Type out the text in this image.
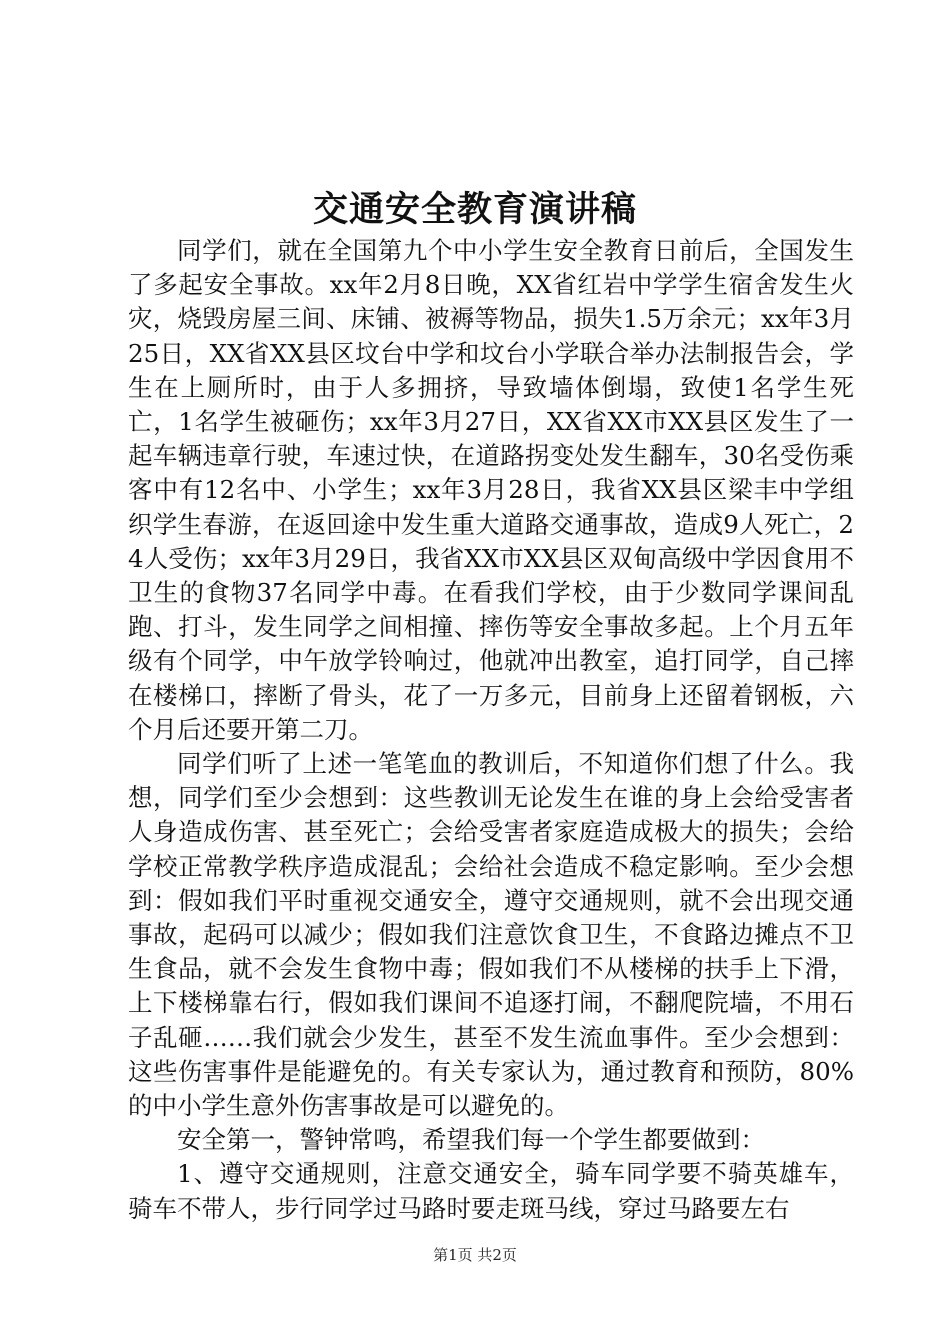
交通安全教育演讲稿

同学们，就在全国第九个中小学生安全教育日前后，全国发生了多起安全事故。xx年2月8日晚，XX省红岩中学学生宿舍发生火灾，烧毁房屋三间、床铺、被褥等物品，损失1.5万余元；xx年3月25日，XX省XX县区坟台中学和坟台小学联合举办法制报告会，学生在上厕所时，由于人多拥挤，导致墙体倒塌，致使1名学生死亡，1名学生被砸伤；xx年3月27日，XX省XX市XX县区发生了一起车辆违章行驶，车速过快，在道路拐变处发生翻车，30名受伤乘客中有12名中、小学生；xx年3月28日，我省XX县区梁丰中学组织学生春游，在返回途中发生重大道路交通事故，造成9人死亡，24人受伤；xx年3月29日，我省XX市XX县区双甸高级中学因食用不卫生的食物37名同学中毒。在看我们学校，由于少数同学课间乱跑、打斗，发生同学之间相撞、摔伤等安全事故多起。上个月五年级有个同学，中午放学铃响过，他就冲出教室，追打同学，自己摔在楼梯口，摔断了骨头，花了一万多元，目前身上还留着钢板，六个月后还要开第二刀。

同学们听了上述一笔笔血的教训后，不知道你们想了什么。我想，同学们至少会想到：这些教训无论发生在谁的身上会给受害者人身造成伤害、甚至死亡；会给受害者家庭造成极大的损失；会给学校正常教学秩序造成混乱；会给社会造成不稳定影响。至少会想到：假如我们平时重视交通安全，遵守交通规则，就不会出现交通事故，起码可以减少；假如我们注意饮食卫生，不食路边摊点不卫生食品，就不会发生食物中毒；假如我们不从楼梯的扶手上下滑，上下楼梯靠右行，假如我们课间不追逐打闹，不翻爬院墙，不用石子乱砸……我们就会少发生，甚至不发生流血事件。至少会想到：这些伤害事件是能避免的。有关专家认为，通过教育和预防，80%的中小学生意外伤害事故是可以避免的。

安全第一，警钟常鸣，希望我们每一个学生都要做到：

1、遵守交通规则，注意交通安全，骑车同学要不骑英雄车，骑车不带人，步行同学过马路时要走斑马线，穿过马路要左右

第1页 共2页
